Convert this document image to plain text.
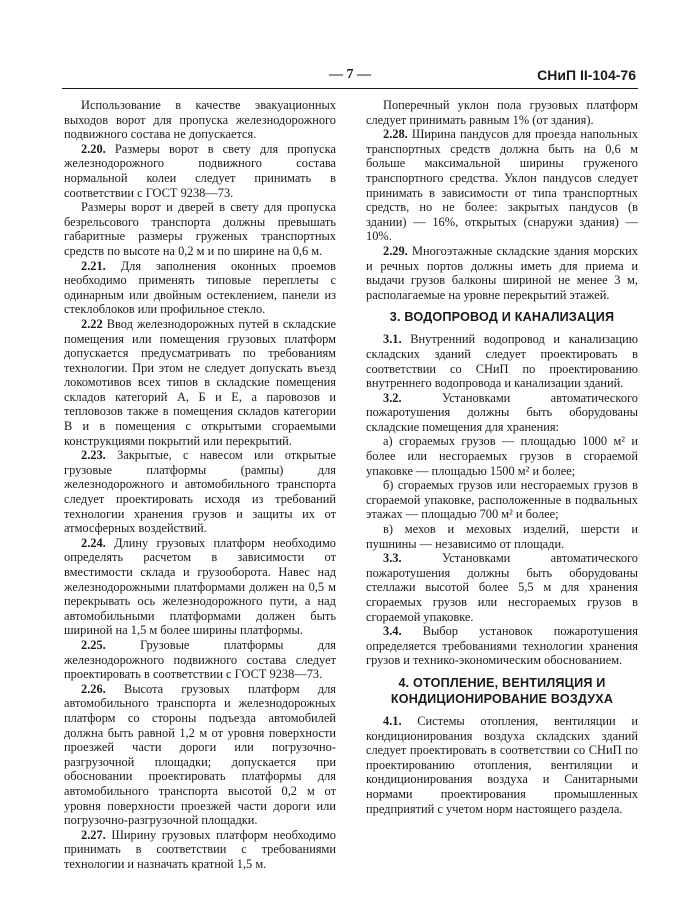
— 7 —	СНиП II-104-76

Использование в качестве эвакуационных выходов ворот для пропуска железнодорожного подвижного состава не допускается.

2.20. Размеры ворот в свету для пропуска железнодорожного подвижного состава нормальной колеи следует принимать в соответствии с ГОСТ 9238—73.

Размеры ворот и дверей в свету для пропуска безрельсового транспорта должны превышать габаритные размеры груженых транспортных средств по высоте на 0,2 м и по ширине на 0,6 м.

2.21. Для заполнения оконных проемов необходимо применять типовые переплеты с одинарным или двойным остеклением, панели из стеклоблоков или профильное стекло.

2.22 Ввод железнодорожных путей в складские помещения или помещения грузовых платформ допускается предусматривать по требованиям технологии. При этом не следует допускать въезд локомотивов всех типов в складские помещения складов категорий А, Б и Е, а паровозов и тепловозов также в помещения складов категории В и в помещения с открытыми сгораемыми конструкциями покрытий или перекрытий.

2.23. Закрытые, с навесом или открытые грузовые платформы (рампы) для железнодорожного и автомобильного транспорта следует проектировать исходя из требований технологии хранения грузов и защиты их от атмосферных воздействий.

2.24. Длину грузовых платформ необходимо определять расчетом в зависимости от вместимости склада и грузооборота. Навес над железнодорожными платформами должен на 0,5 м перекрывать ось железнодорожного пути, а над автомобильными платформами должен быть шириной на 1,5 м более ширины платформы.

2.25.	Грузовые платформы для железнодорожного подвижного состава следует проектировать в соответствии с ГОСТ 9238—73.

2.26. Высота грузовых платформ для автомобильного транспорта и железнодорожных платформ со стороны подъезда автомобилей должна быть равной 1,2 м от уровня поверхности проезжей части дороги или погрузочно-разгрузочной площадки; допускается при обосновании проектировать платформы для автомобильного транспорта высотой 0,2 м от уровня поверхности проезжей части дороги или погрузочно-разгрузочной площадки.

2.27. Ширину грузовых платформ необходимо принимать в соответствии с требованиями технологии и назначать кратной 1,5 м.

Поперечный уклон пола грузовых платформ следует принимать равным 1% (от здания).

2.28. Ширина пандусов для проезда напольных транспортных средств должна быть на 0,6 м больше максимальной ширины груженого транспортного средства. Уклон пандусов следует принимать в зависимости от типа транспортных средств, но не более: закрытых пандусов (в здании) — 16%, открытых (снаружи здания) — 10%.

2.29. Многоэтажные складские здания морских и речных портов должны иметь для приема и выдачи грузов балконы шириной не менее 3 м, располагаемые на уровне перекрытий этажей.

3. ВОДОПРОВОД И КАНАЛИЗАЦИЯ

3.1. Внутренний водопровод и канализацию складских зданий следует проектировать в соответствии со СНиП по проектированию внутреннего водопровода и канализации зданий.

3.2.	Установками автоматического пожаротушения должны быть оборудованы складские помещения для хранения:

а) сгораемых грузов — площадью 1000 м² и более или несгораемых грузов в сгораемой упаковке — площадью 1500 м² и более;

б) сгораемых грузов или несгораемых грузов в сгораемой упаковке, расположенные в подвальных этажах — площадью 700 м² и более;

в) мехов и меховых изделий, шерсти и пушнины — независимо от площади.

3.3.	Установками автоматического пожаротушения должны быть оборудованы стеллажи высотой более 5,5 м для хранения сгораемых грузов или несгораемых грузов в сгораемой упаковке.

3.4. Выбор установок пожаротушения определяется требованиями технологии хранения грузов и технико-экономическим обоснованием.

4. ОТОПЛЕНИЕ, ВЕНТИЛЯЦИЯ И КОНДИЦИОНИРОВАНИЕ ВОЗДУХА

4.1. Системы отопления, вентиляции и кондиционирования воздуха складских зданий следует проектировать в соответствии со СНиП по проектированию отопления, вентиляции и кондиционирования воздуха и Санитарными нормами проектирования промышленных предприятий с учетом норм настоящего раздела.
